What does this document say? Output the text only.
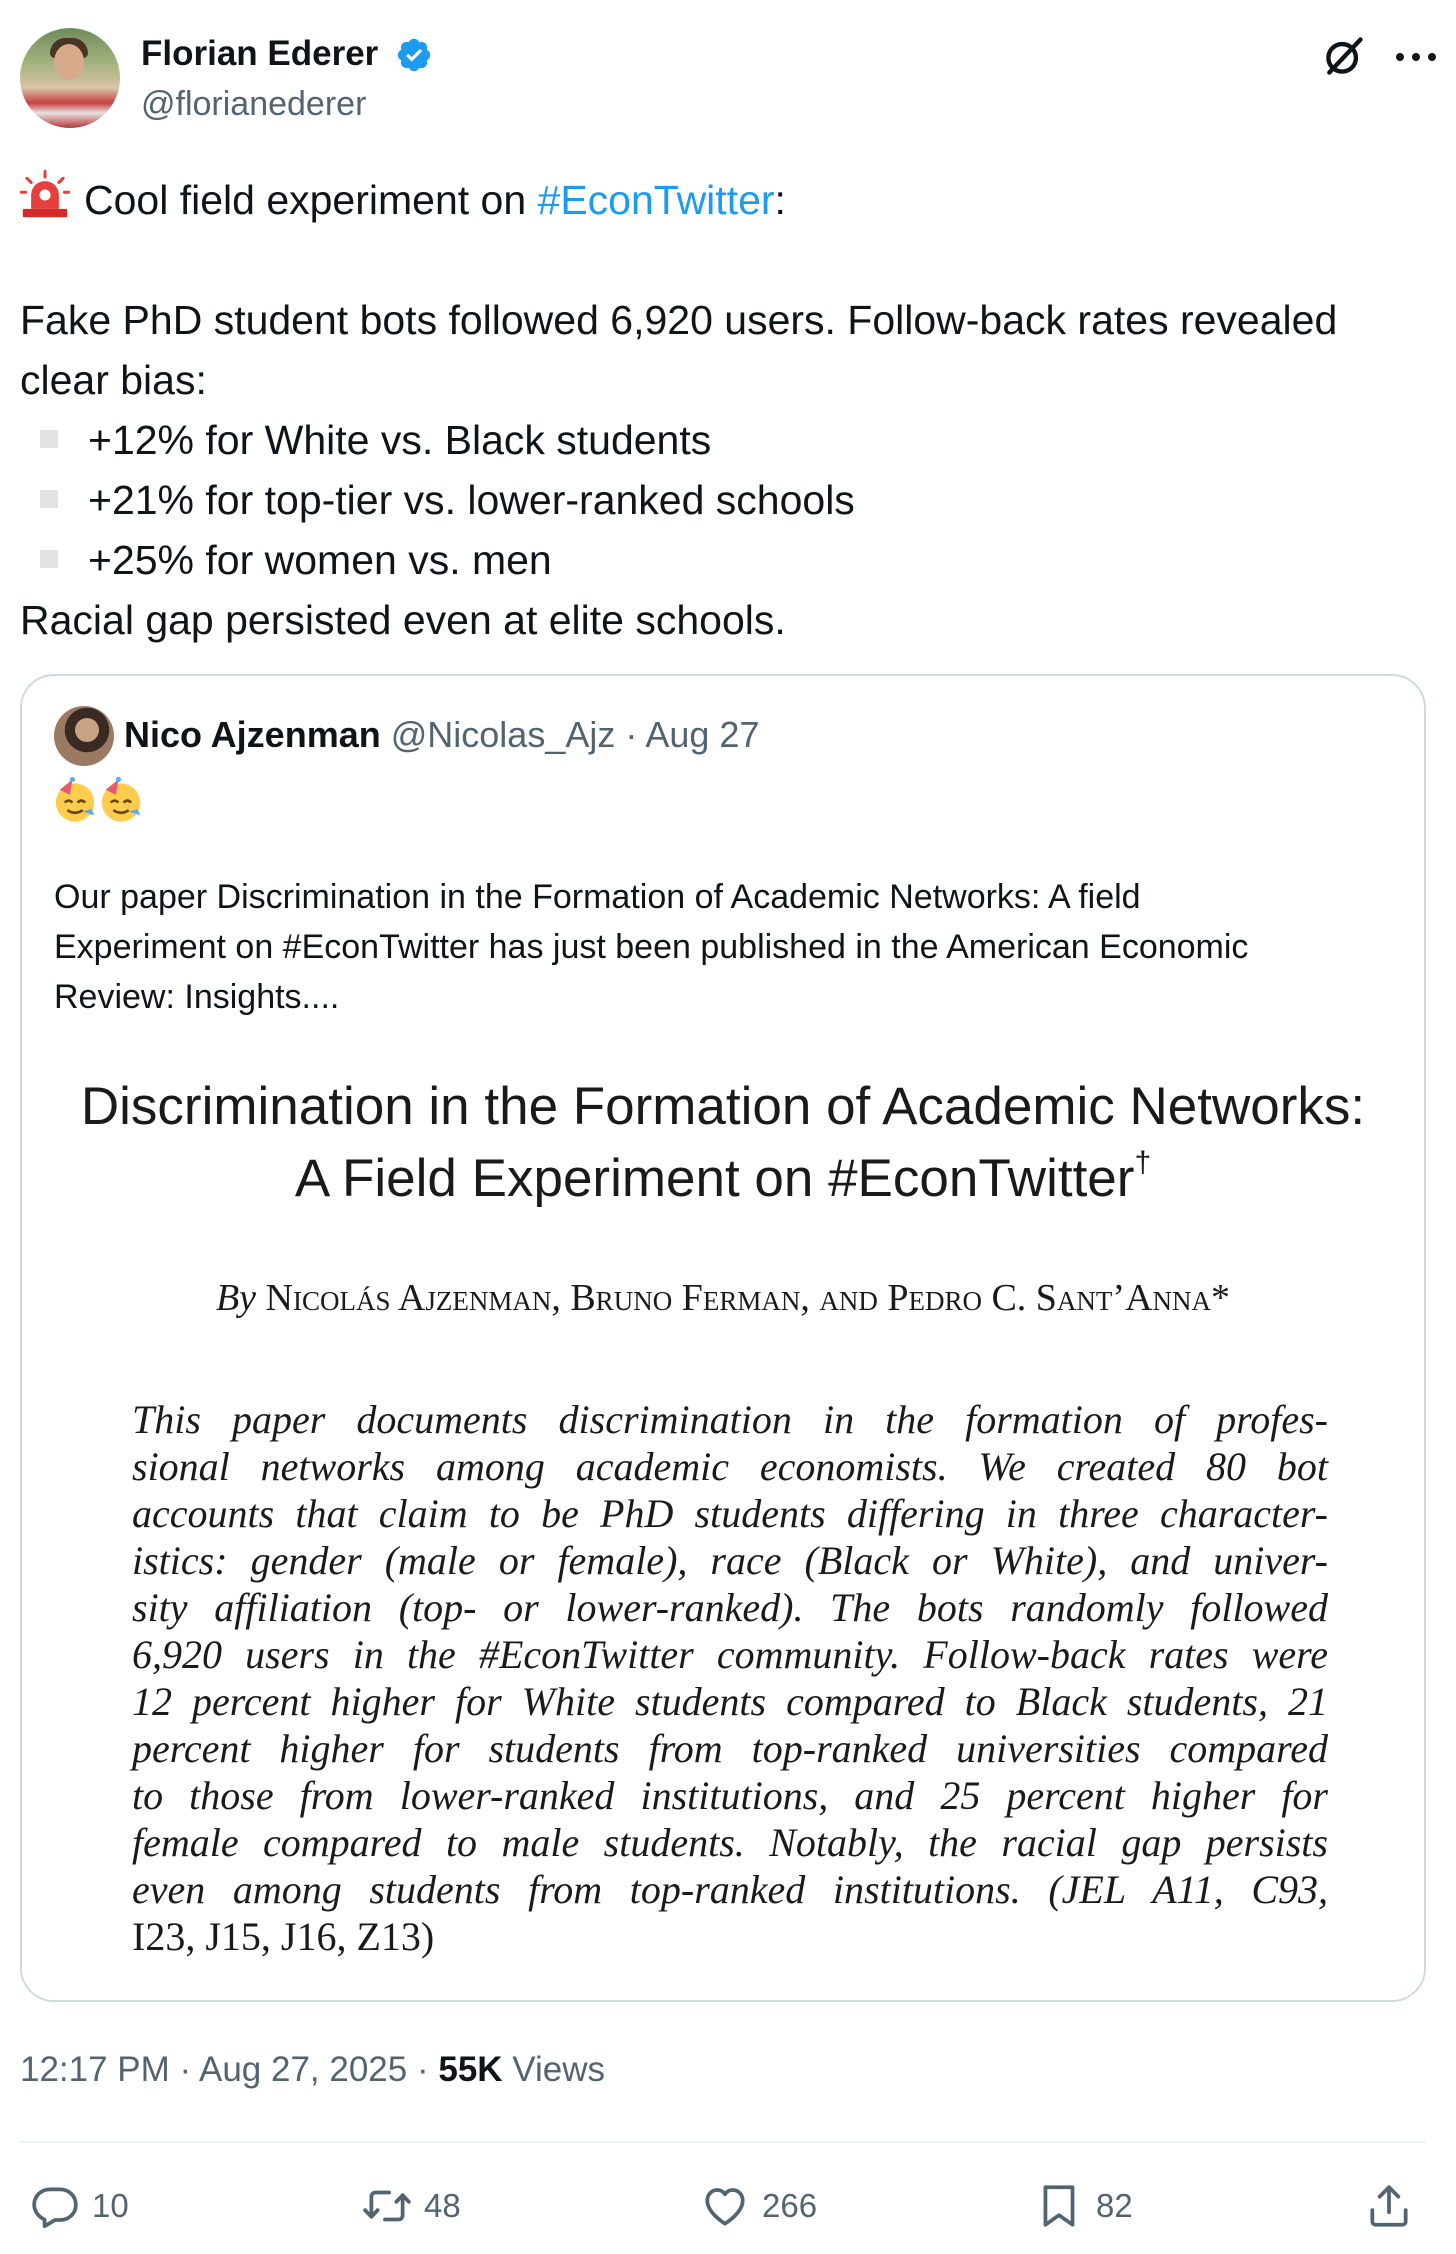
Florian Ederer
@florianederer
Cool field experiment on #EconTwitter:
Fake PhD student bots followed 6,920 users. Follow-back rates revealed
clear bias:
+12% for White vs. Black students
+21% for top-tier vs. lower-ranked schools
+25% for women vs. men
Racial gap persisted even at elite schools.
Nico Ajzenman @Nicolas_Ajz · Aug 27
Our paper Discrimination in the Formation of Academic Networks: A field
Experiment on #EconTwitter has just been published in the American Economic
Review: Insights....
Discrimination in the Formation of Academic Networks:
A Field Experiment on #EconTwitter†
By Nicolás Ajzenman, Bruno Ferman, and Pedro C. Sant’Anna*
This paper documents discrimination in the formation of profes-
sional networks among academic economists. We created 80 bot
accounts that claim to be PhD students differing in three character-
istics: gender (male or female), race (Black or White), and univer-
sity affiliation (top- or lower-ranked). The bots randomly followed
6,920 users in the #EconTwitter community. Follow-back rates were
12 percent higher for White students compared to Black students, 21
percent higher for students from top-ranked universities compared
to those from lower-ranked institutions, and 25 percent higher for
female compared to male students. Notably, the racial gap persists
even among students from top-ranked institutions. (JEL A11, C93,
I23, J15, J16, Z13)
12:17 PM · Aug 27, 2025 · 55K Views
10	48	266	82
